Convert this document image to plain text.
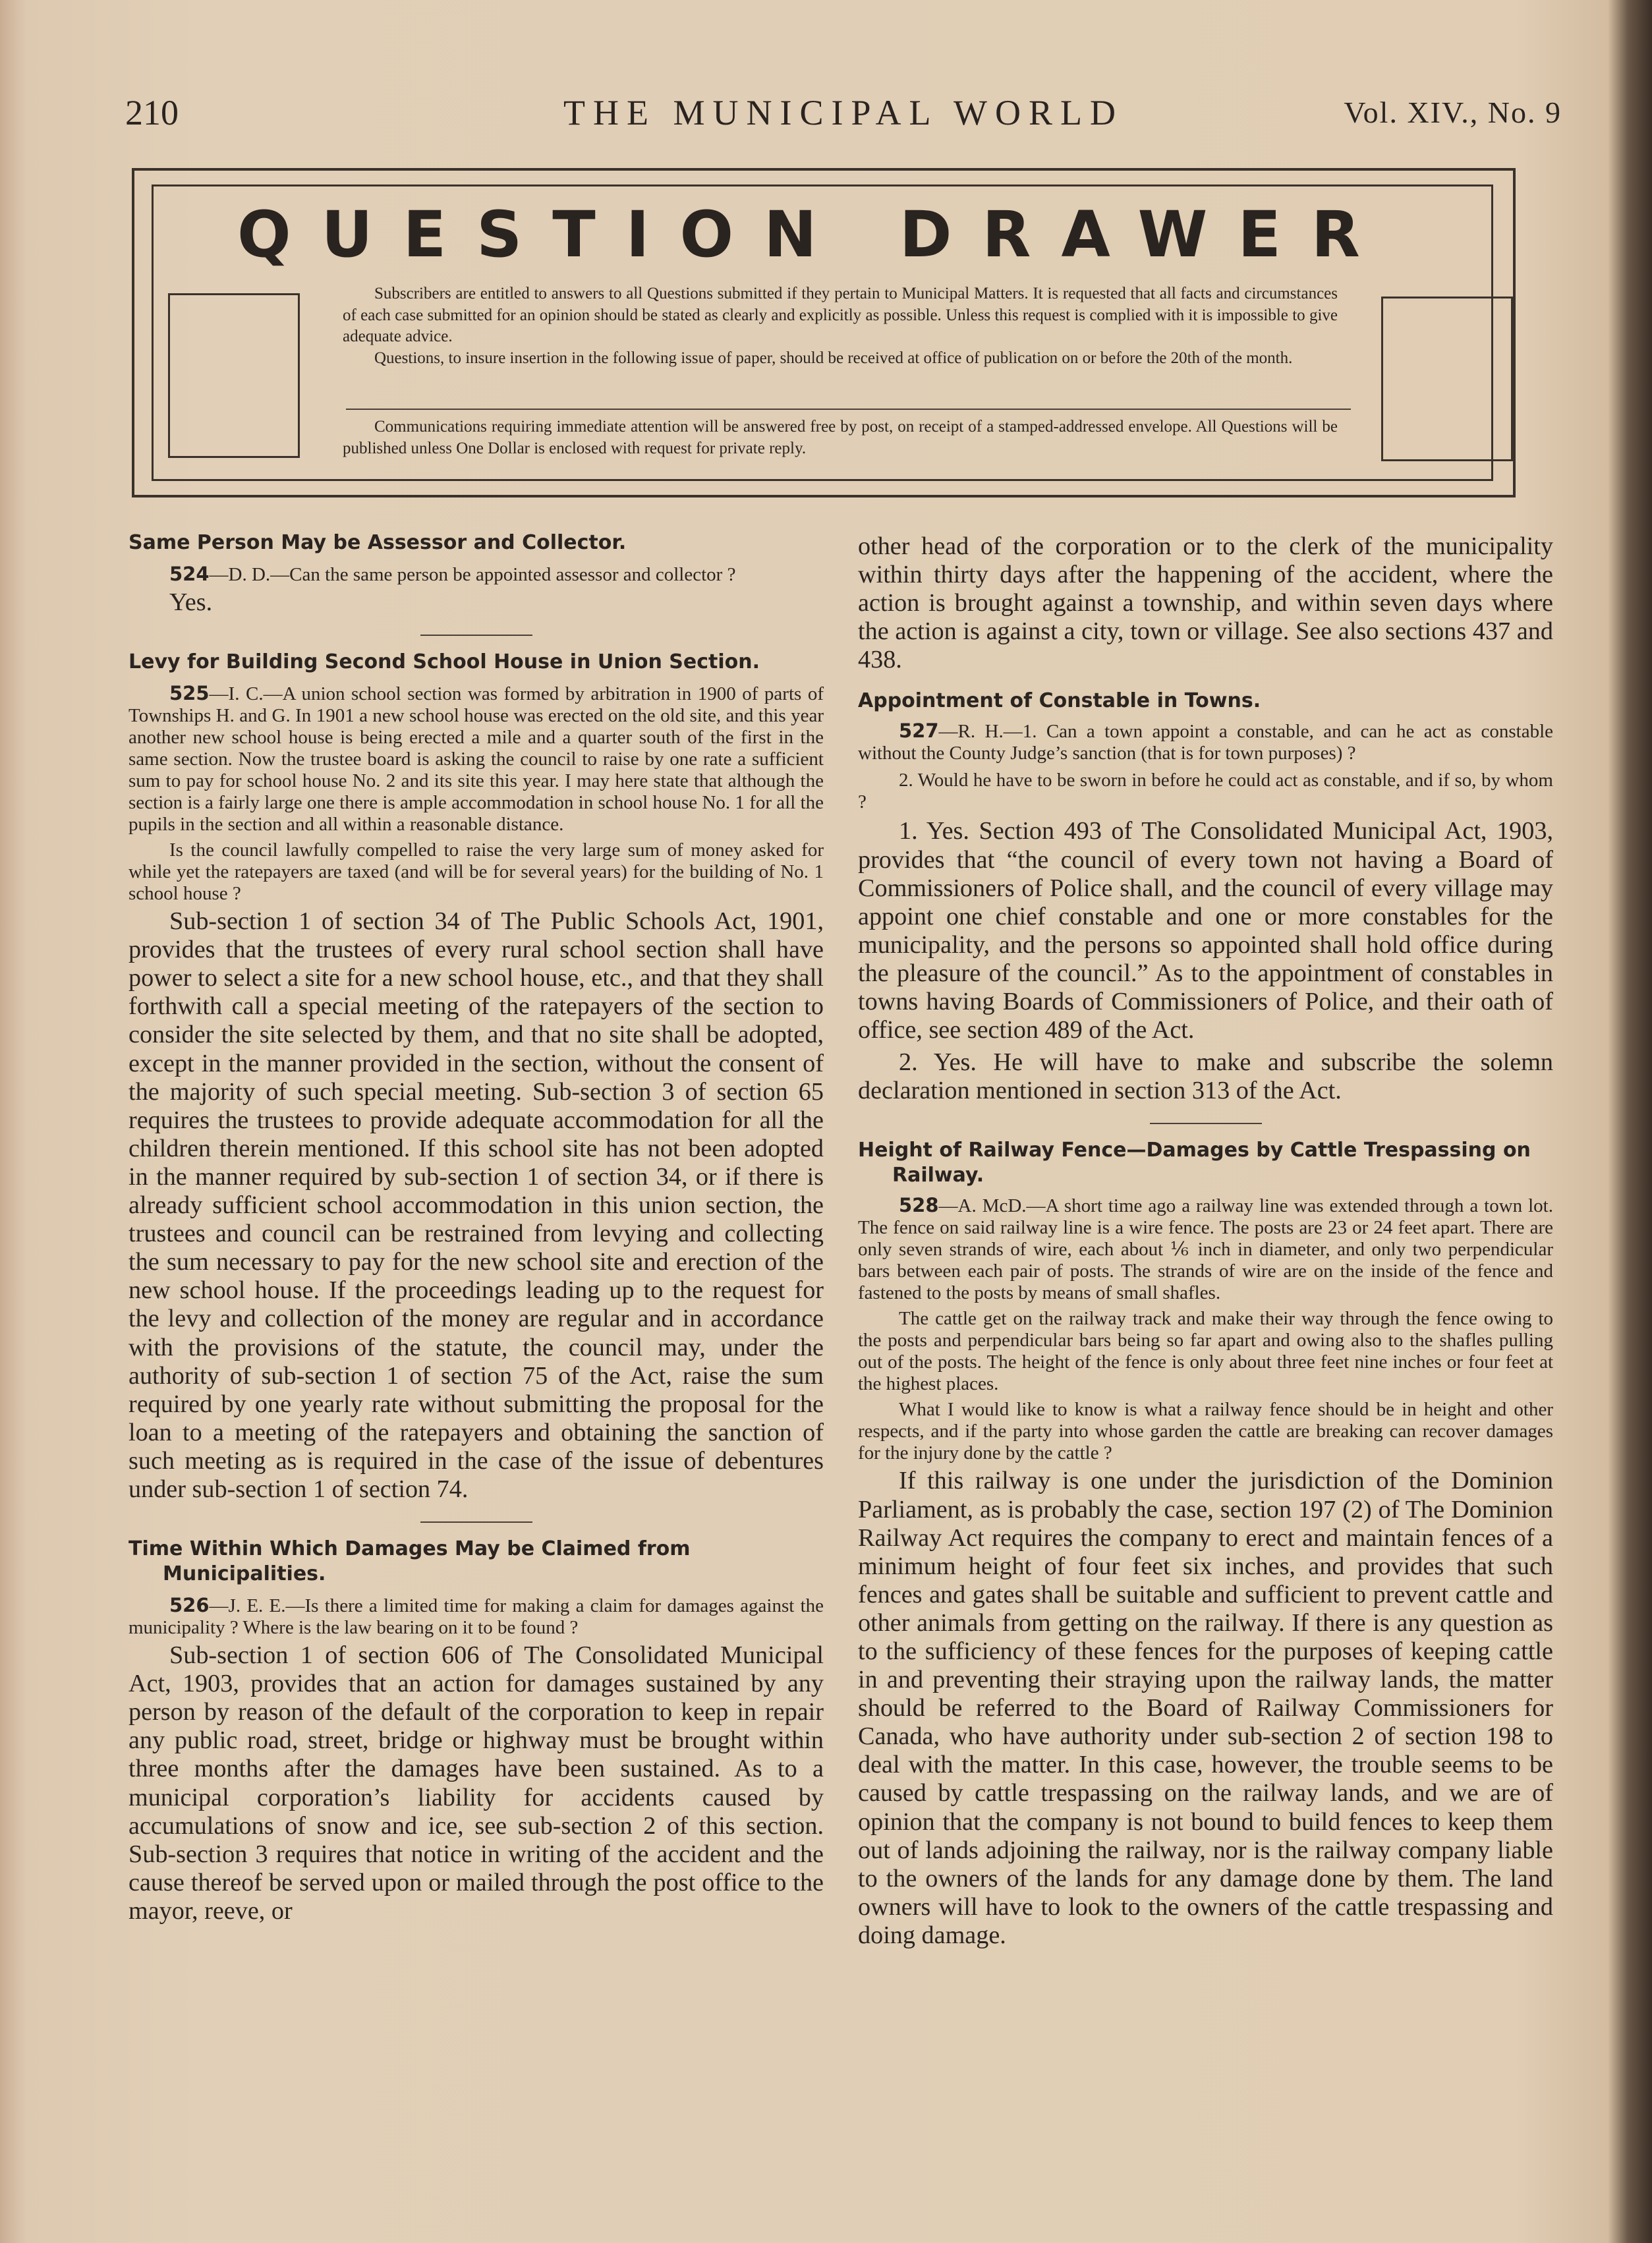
210	THE MUNICIPAL WORLD	Vol. XIV., No. 9
QUESTION DRAWER

Subscribers are entitled to answers to all Questions submitted if they pertain to Municipal Matters. It is requested that all facts and circumstances of each case submitted for an opinion should be stated as clearly and explicitly as possible. Unless this request is complied with it is impossible to give adequate advice.

Questions, to insure insertion in the following issue of paper, should be received at office of publication on or before the 20th of the month.

Communications requiring immediate attention will be answered free by post, on receipt of a stamped-addressed envelope. All Questions will be published unless One Dollar is enclosed with request for private reply.

Same Person May be Assessor and Collector.

524—D. D.—Can the same person be appointed assessor and collector ?

Yes.

Levy for Building Second School House in Union Section.

525—I. C.—A union school section was formed by arbitration in 1900 of parts of Townships H. and G. In 1901 a new school house was erected on the old site, and this year another new school house is being erected a mile and a quarter south of the first in the same section. Now the trustee board is asking the council to raise by one rate a sufficient sum to pay for school house No. 2 and its site this year. I may here state that although the section is a fairly large one there is ample accommodation in school house No. 1 for all the pupils in the section and all within a reasonable distance.

Is the council lawfully compelled to raise the very large sum of money asked for while yet the ratepayers are taxed (and will be for several years) for the building of No. 1 school house ?

Sub-section 1 of section 34 of The Public Schools Act, 1901, provides that the trustees of every rural school section shall have power to select a site for a new school house, etc., and that they shall forthwith call a special meeting of the ratepayers of the section to consider the site selected by them, and that no site shall be adopted, except in the manner provided in the section, without the consent of the majority of such special meeting. Sub-section 3 of section 65 requires the trustees to provide adequate accommodation for all the children therein mentioned. If this school site has not been adopted in the manner required by sub-section 1 of section 34, or if there is already sufficient school accommodation in this union section, the trustees and council can be restrained from levying and collecting the sum necessary to pay for the new school site and erection of the new school house. If the proceedings leading up to the request for the levy and collection of the money are regular and in accordance with the provisions of the statute, the council may, under the authority of sub-section 1 of section 75 of the Act, raise the sum required by one yearly rate without submitting the proposal for the loan to a meeting of the ratepayers and obtaining the sanction of such meeting as is required in the case of the issue of debentures under sub-section 1 of section 74.

Time Within Which Damages May be Claimed from Municipalities.

526—J. E. E.—Is there a limited time for making a claim for damages against the municipality ? Where is the law bearing on it to be found ?

Sub-section 1 of section 606 of The Consolidated Municipal Act, 1903, provides that an action for damages sustained by any person by reason of the default of the corporation to keep in repair any public road, street, bridge or highway must be brought within three months after the damages have been sustained. As to a municipal corporation’s liability for accidents caused by accumulations of snow and ice, see sub-section 2 of this section. Sub-section 3 requires that notice in writing of the accident and the cause thereof be served upon or mailed through the post office to the mayor, reeve, or

other head of the corporation or to the clerk of the municipality within thirty days after the happening of the accident, where the action is brought against a township, and within seven days where the action is against a city, town or village. See also sections 437 and 438.

Appointment of Constable in Towns.

527—R. H.—1. Can a town appoint a constable, and can he act as constable without the County Judge’s sanction (that is for town purposes) ?

2. Would he have to be sworn in before he could act as constable, and if so, by whom ?

1. Yes. Section 493 of The Consolidated Municipal Act, 1903, provides that “the council of every town not having a Board of Commissioners of Police shall, and the council of every village may appoint one chief constable and one or more constables for the municipality, and the persons so appointed shall hold office during the pleasure of the council.” As to the appointment of constables in towns having Boards of Commissioners of Police, and their oath of office, see section 489 of the Act.

2. Yes. He will have to make and subscribe the solemn declaration mentioned in section 313 of the Act.

Height of Railway Fence—Damages by Cattle Trespassing on Railway.

528—A. McD.—A short time ago a railway line was extended through a town lot. The fence on said railway line is a wire fence. The posts are 23 or 24 feet apart. There are only seven strands of wire, each about ⅙ inch in diameter, and only two perpendicular bars between each pair of posts. The strands of wire are on the inside of the fence and fastened to the posts by means of small shafles.

The cattle get on the railway track and make their way through the fence owing to the posts and perpendicular bars being so far apart and owing also to the shafles pulling out of the posts. The height of the fence is only about three feet nine inches or four feet at the highest places.

What I would like to know is what a railway fence should be in height and other respects, and if the party into whose garden the cattle are breaking can recover damages for the injury done by the cattle ?

If this railway is one under the jurisdiction of the Dominion Parliament, as is probably the case, section 197 (2) of The Dominion Railway Act requires the company to erect and maintain fences of a minimum height of four feet six inches, and provides that such fences and gates shall be suitable and sufficient to prevent cattle and other animals from getting on the railway. If there is any question as to the sufficiency of these fences for the purposes of keeping cattle in and preventing their straying upon the railway lands, the matter should be referred to the Board of Railway Commissioners for Canada, who have authority under sub-section 2 of section 198 to deal with the matter. In this case, however, the trouble seems to be caused by cattle trespassing on the railway lands, and we are of opinion that the company is not bound to build fences to keep them out of lands adjoining the railway, nor is the railway company liable to the owners of the lands for any damage done by them. The land owners will have to look to the owners of the cattle trespassing and doing damage.
